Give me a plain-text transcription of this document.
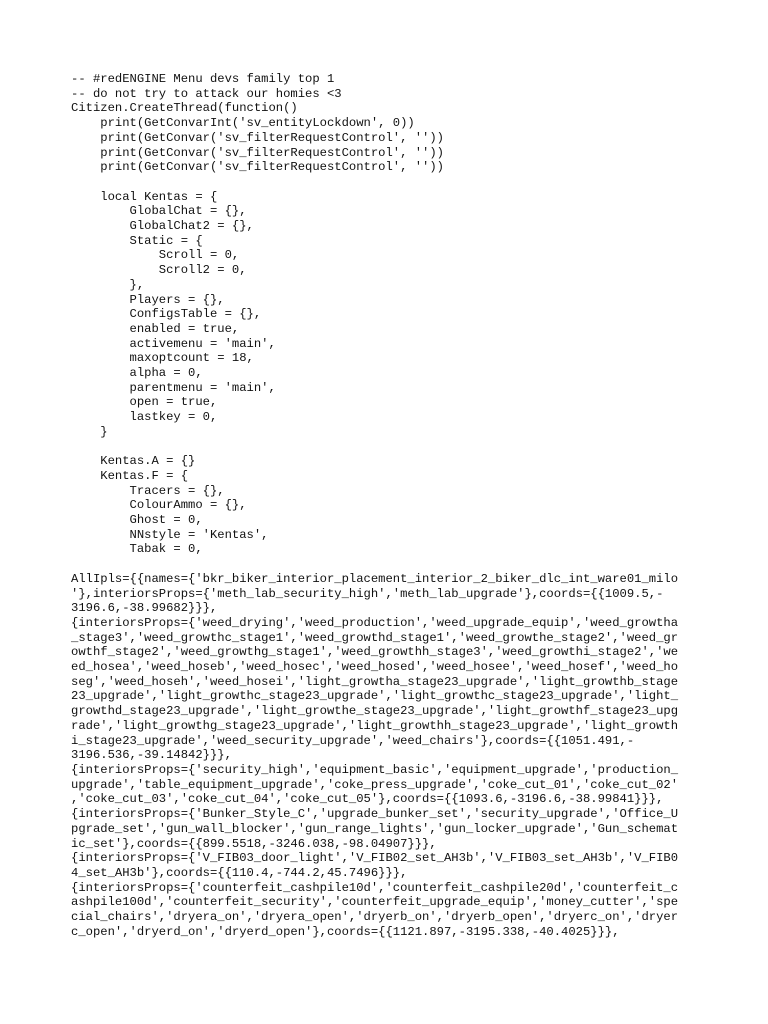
-- #redENGINE Menu devs family top 1
-- do not try to attack our homies <3
Citizen.CreateThread(function()
print(GetConvarInt('sv_entityLockdown', 0))
print(GetConvar('sv_filterRequestControl', ''))
print(GetConvar('sv_filterRequestControl', ''))
print(GetConvar('sv_filterRequestControl', ''))
local Kentas = {
GlobalChat = {},
GlobalChat2 = {},
Static = {
Scroll = 0,
Scroll2 = 0,
},
Players = {},
ConfigsTable = {},
enabled = true,
activemenu = 'main',
maxoptcount = 18,
alpha = 0,
parentmenu = 'main',
open = true,
lastkey = 0,
}
Kentas.A = {}
Kentas.F = {
Tracers = {},
ColourAmmo = {},
Ghost = 0,
NNstyle = 'Kentas',
Tabak = 0,
AllIpls={{names={'bkr_biker_interior_placement_interior_2_biker_dlc_int_ware01_milo
'},interiorsProps={'meth_lab_security_high','meth_lab_upgrade'},coords={{1009.5,-
3196.6,-38.99682}}},
{interiorsProps={'weed_drying','weed_production','weed_upgrade_equip','weed_growtha
_stage3','weed_growthc_stage1','weed_growthd_stage1','weed_growthe_stage2','weed_gr
owthf_stage2','weed_growthg_stage1','weed_growthh_stage3','weed_growthi_stage2','we
ed_hosea','weed_hoseb','weed_hosec','weed_hosed','weed_hosee','weed_hosef','weed_ho
seg','weed_hoseh','weed_hosei','light_growtha_stage23_upgrade','light_growthb_stage
23_upgrade','light_growthc_stage23_upgrade','light_growthc_stage23_upgrade','light_
growthd_stage23_upgrade','light_growthe_stage23_upgrade','light_growthf_stage23_upg
rade','light_growthg_stage23_upgrade','light_growthh_stage23_upgrade','light_growth
i_stage23_upgrade','weed_security_upgrade','weed_chairs'},coords={{1051.491,-
3196.536,-39.14842}}},
{interiorsProps={'security_high','equipment_basic','equipment_upgrade','production_
upgrade','table_equipment_upgrade','coke_press_upgrade','coke_cut_01','coke_cut_02'
,'coke_cut_03','coke_cut_04','coke_cut_05'},coords={{1093.6,-3196.6,-38.99841}}},
{interiorsProps={'Bunker_Style_C','upgrade_bunker_set','security_upgrade','Office_U
pgrade_set','gun_wall_blocker','gun_range_lights','gun_locker_upgrade','Gun_schemat
ic_set'},coords={{899.5518,-3246.038,-98.04907}}},
{interiorsProps={'V_FIB03_door_light','V_FIB02_set_AH3b','V_FIB03_set_AH3b','V_FIB0
4_set_AH3b'},coords={{110.4,-744.2,45.7496}}},
{interiorsProps={'counterfeit_cashpile10d','counterfeit_cashpile20d','counterfeit_c
ashpile100d','counterfeit_security','counterfeit_upgrade_equip','money_cutter','spe
cial_chairs','dryera_on','dryera_open','dryerb_on','dryerb_open','dryerc_on','dryer
c_open','dryerd_on','dryerd_open'},coords={{1121.897,-3195.338,-40.4025}}},
